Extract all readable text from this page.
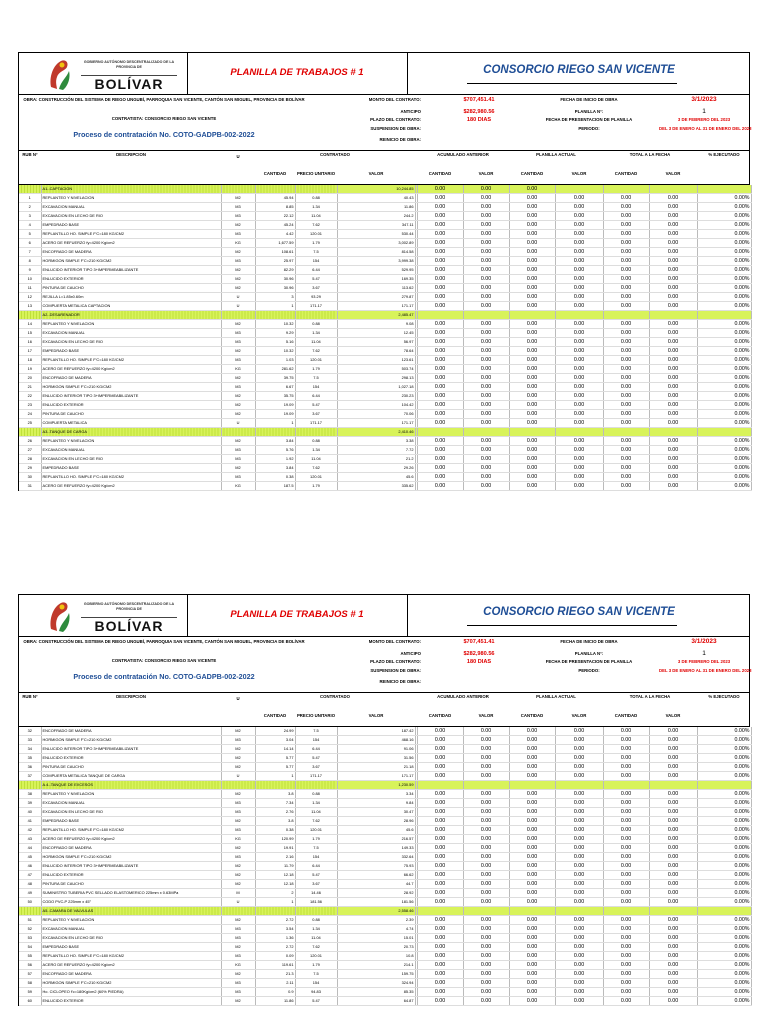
GOBIERNO AUTÓNOMO DESCENTRALIZADO DE LA PROVINCIA DE
BOLÍVAR
PLANILLA DE TRABAJOS # 1	CONSORCIO RIEGO SAN VICENTE
OBRA: CONSTRUCCIÓN DEL SISTEMA DE RIEGO UNGUBÍ, PARROQUIA SAN VICENTE, CANTÓN SAN MIGUEL, PROVINCIA DE BOLÍVAR
CONTRATISTA: CONSORCIO RIEGO SAN VICENTE
Proceso de contratación No. COTO-GADPB-002-2022
MONTO DEL CONTRATO:	$707,451.41
ANTICIPO	$282,980.56
PLAZO DEL CONTRATO:	180 DIAS
SUSPENSION DE OBRA:
REINICIO DE OBRA:
FECHA DE INICIO DE OBRA	3/1/2023
PLANILLA N°:	1
FECHA DE PRESENTACION DE PLANILLA	3 DE FEBRERO DEL 2023
PERIODO:	DEL 3 DE ENERO AL 31 DE ENERO DEL 2023
RUB N°	DESCRIPCION	U	CONTRATADO	ACUMULADO ANTERIOR	PLANILLA ACTUAL	TOTAL A LA FECHA	% EJECUTADO
CANTIDAD	PRECIO UNITARIO	VALOR	CANTIDAD	VALOR	CANTIDAD	VALOR	CANTIDAD	VALOR
	A1.-CAPTACION				10,244.85		0.00	0.00	0.00				
1	REPLANTEO Y NIVELACION	M2	45.94	0.88	40.43		0.00	0.00	0.00	0.00	0.00	0.00	0.00%
2	EXCAVACION MANUAL	M3	8.85	1.34	11.86		0.00	0.00	0.00	0.00	0.00	0.00	0.00%
3	EXCAVACION EN LECHO DE RIO	M3	22.12	11.04	244.2		0.00	0.00	0.00	0.00	0.00	0.00	0.00%
4	EMPEDRADO BASE	M2	45.24	7.62	347.11		0.00	0.00	0.00	0.00	0.00	0.00	0.00%
5	REPLANTILLO HO. SIMPLE F'C=180 KG/CM2	M3	4.42	120.01	530.44		0.00	0.00	0.00	0.00	0.00	0.00	0.00%
6	ACERO DE REFUERZO fy=4200 Kg/cm2	KG	1,677.59	1.79	3,002.89		0.00	0.00	0.00	0.00	0.00	0.00	0.00%
7	ENCOFRADO DE MADERA	M2	108.61	7.5	814.58		0.00	0.00	0.00	0.00	0.00	0.00	0.00%
8	HORMIGON SIMPLE F'C=210 KG/CM2	M3	25.97	154	3,999.38		0.00	0.00	0.00	0.00	0.00	0.00	0.00%
9	ENLUCIDO INTERIOR TIPO 3+IMPERMEABILIZANTE	M2	82.29	6.44	529.95		0.00	0.00	0.00	0.00	0.00	0.00	0.00%
10	ENLUCIDO EXTERIOR	M2	30.96	5.47	169.35		0.00	0.00	0.00	0.00	0.00	0.00	0.00%
11	PINTURA DE CAUCHO	M2	30.96	3.67	113.62		0.00	0.00	0.00	0.00	0.00	0.00	0.00%
12	REJILLA L=1.85x0.60m	U	3	93.29	279.87		0.00	0.00	0.00	0.00	0.00	0.00	0.00%
13	COMPUERTA METALICA CAPTACION	U	1	171.17	171.17		0.00	0.00	0.00	0.00	0.00	0.00	0.00%
	A2.-DESARENADOR				2,485.47								
14	REPLANTEO Y NIVELACION	M2	10.32	0.88	9.08		0.00	0.00	0.00	0.00	0.00	0.00	0.00%
15	EXCAVACION MANUAL	M3	9.29	1.34	12.45		0.00	0.00	0.00	0.00	0.00	0.00	0.00%
16	EXCAVACION EN LECHO DE RIO	M3	5.16	11.04	56.97		0.00	0.00	0.00	0.00	0.00	0.00	0.00%
17	EMPEDRADO BASE	M2	10.32	7.62	78.64		0.00	0.00	0.00	0.00	0.00	0.00	0.00%
18	REPLANTILLO HO. SIMPLE F'C=180 KG/CM2	M3	1.03	120.01	123.61		0.00	0.00	0.00	0.00	0.00	0.00	0.00%
19	ACERO DE REFUERZO fy=4200 Kg/cm2	KG	281.62	1.79	503.74		0.00	0.00	0.00	0.00	0.00	0.00	0.00%
20	ENCOFRADO DE MADERA	M2	39.75	7.5	298.13		0.00	0.00	0.00	0.00	0.00	0.00	0.00%
21	HORMIGON SIMPLE F'C=210 KG/CM2	M3	6.67	154	1,027.18		0.00	0.00	0.00	0.00	0.00	0.00	0.00%
22	ENLUCIDO INTERIOR TIPO 3+IMPERMEABILIZANTE	M2	35.75	6.44	230.23		0.00	0.00	0.00	0.00	0.00	0.00	0.00%
23	ENLUCIDO EXTERIOR	M2	19.09	5.47	104.42		0.00	0.00	0.00	0.00	0.00	0.00	0.00%
24	PINTURA DE CAUCHO	M2	19.09	3.67	70.06		0.00	0.00	0.00	0.00	0.00	0.00	0.00%
25	COMPUERTA METALICA	U	1	171.17	171.17		0.00	0.00	0.00	0.00	0.00	0.00	0.00%
	A3.-TANQUE DE CARGA				2,410.46								
26	REPLANTEO Y NIVELACION	M2	3.84	0.88	3.38		0.00	0.00	0.00	0.00	0.00	0.00	0.00%
27	EXCAVACION MANUAL	M3	5.76	1.34	7.72		0.00	0.00	0.00	0.00	0.00	0.00	0.00%
28	EXCAVACION EN LECHO DE RIO	M3	1.92	11.04	21.2		0.00	0.00	0.00	0.00	0.00	0.00	0.00%
29	EMPEDRADO BASE	M2	3.84	7.62	29.26		0.00	0.00	0.00	0.00	0.00	0.00	0.00%
30	REPLANTILLO HO. SIMPLE F'C=180 KG/CM2	M3	0.38	120.01	45.6		0.00	0.00	0.00	0.00	0.00	0.00	0.00%
31	ACERO DE REFUERZO fy=4200 Kg/cm2	KG	187.5	1.79	335.62		0.00	0.00	0.00	0.00	0.00	0.00	0.00%
GOBIERNO AUTÓNOMO DESCENTRALIZADO DE LA PROVINCIA DE
BOLÍVAR
PLANILLA DE TRABAJOS # 1	CONSORCIO RIEGO SAN VICENTE
OBRA: CONSTRUCCIÓN DEL SISTEMA DE RIEGO UNGUBÍ, PARROQUIA SAN VICENTE, CANTÓN SAN MIGUEL, PROVINCIA DE BOLÍVAR
CONTRATISTA: CONSORCIO RIEGO SAN VICENTE
Proceso de contratación No. COTO-GADPB-002-2022
MONTO DEL CONTRATO:	$707,451.41
ANTICIPO	$282,980.56
PLAZO DEL CONTRATO:	180 DIAS
SUSPENSION DE OBRA:
REINICIO DE OBRA:
FECHA DE INICIO DE OBRA	3/1/2023
PLANILLA N°:	1
FECHA DE PRESENTACION DE PLANILLA	3 DE FEBRERO DEL 2023
PERIODO:	DEL 3 DE ENERO AL 31 DE ENERO DEL 2023
RUB N°	DESCRIPCION	U	CONTRATADO	ACUMULADO ANTERIOR	PLANILLA ACTUAL	TOTAL A LA FECHA	% EJECUTADO
CANTIDAD	PRECIO UNITARIO	VALOR	CANTIDAD	VALOR	CANTIDAD	VALOR	CANTIDAD	VALOR
32	ENCOFRADO DE MADERA	M2	24.99	7.5	187.42		0.00	0.00	0.00	0.00	0.00	0.00	0.00%
33	HORMIGON SIMPLE F'C=210 KG/CM2	M3	3.04	154	468.16		0.00	0.00	0.00	0.00	0.00	0.00	0.00%
34	ENLUCIDO INTERIOR TIPO 3+IMPERMEABILIZANTE	M2	14.14	6.44	91.06		0.00	0.00	0.00	0.00	0.00	0.00	0.00%
35	ENLUCIDO EXTERIOR	M2	5.77	5.47	31.56		0.00	0.00	0.00	0.00	0.00	0.00	0.00%
36	PINTURA DE CAUCHO	M2	5.77	3.67	21.18		0.00	0.00	0.00	0.00	0.00	0.00	0.00%
37	COMPUERTA METALICA TANQUE DE CARGA	U	1	171.17	171.17		0.00	0.00	0.00	0.00	0.00	0.00	0.00%
	A.4.-TANQUE DE EXCESOS				1,230.59								
38	REPLANTEO Y NIVELACION	M2	3.8	0.88	3.34		0.00	0.00	0.00	0.00	0.00	0.00	0.00%
39	EXCAVACION MANUAL	M3	7.34	1.34	9.84		0.00	0.00	0.00	0.00	0.00	0.00	0.00%
40	EXCAVACION EN LECHO DE RIO	M3	2.76	11.04	30.47		0.00	0.00	0.00	0.00	0.00	0.00	0.00%
41	EMPEDRADO BASE	M2	3.8	7.62	28.96		0.00	0.00	0.00	0.00	0.00	0.00	0.00%
42	REPLANTILLO HO. SIMPLE F'C=180 KG/CM2	M3	0.38	120.01	45.6		0.00	0.00	0.00	0.00	0.00	0.00	0.00%
43	ACERO DE REFUERZO fy=4200 Kg/cm2	KG	120.99	1.79	216.57		0.00	0.00	0.00	0.00	0.00	0.00	0.00%
44	ENCOFRADO DE MADERA	M2	19.91	7.5	149.33		0.00	0.00	0.00	0.00	0.00	0.00	0.00%
45	HORMIGON SIMPLE F'C=210 KG/CM2	M3	2.16	154	332.64		0.00	0.00	0.00	0.00	0.00	0.00	0.00%
46	ENLUCIDO INTERIOR TIPO 3+IMPERMEABILIZANTE	M2	11.79	6.44	75.93		0.00	0.00	0.00	0.00	0.00	0.00	0.00%
47	ENLUCIDO EXTERIOR	M2	12.18	5.47	66.62		0.00	0.00	0.00	0.00	0.00	0.00	0.00%
48	PINTURA DE CAUCHO	M2	12.18	3.67	44.7		0.00	0.00	0.00	0.00	0.00	0.00	0.00%
49	SUMINISTRO TUBERIA PVC SELLADO ELASTOMERICO 225mm x 0.63MPa	M	2	14.46	28.92		0.00	0.00	0.00	0.00	0.00	0.00	0.00%
50	CODO PVC-P 225mm x 45°	U	1	181.56	181.56		0.00	0.00	0.00	0.00	0.00	0.00	0.00%
	A5.-CAMARA DE VALVULAS				2,558.46								
51	REPLANTEO Y NIVELACION	M2	2.72	0.88	2.39		0.00	0.00	0.00	0.00	0.00	0.00	0.00%
52	EXCAVACION MANUAL	M3	3.54	1.34	4.74		0.00	0.00	0.00	0.00	0.00	0.00	0.00%
53	EXCAVACION EN LECHO DE RIO	M3	1.36	11.04	15.01		0.00	0.00	0.00	0.00	0.00	0.00	0.00%
54	EMPEDRADO BASE	M2	2.72	7.62	20.73		0.00	0.00	0.00	0.00	0.00	0.00	0.00%
55	REPLANTILLO HO. SIMPLE F'C=180 KG/CM2	M3	0.09	120.01	10.8		0.00	0.00	0.00	0.00	0.00	0.00	0.00%
56	ACERO DE REFUERZO fy=4200 Kg/cm2	KG	119.61	1.79	214.1		0.00	0.00	0.00	0.00	0.00	0.00	0.00%
57	ENCOFRADO DE MADERA	M2	21.3	7.5	159.75		0.00	0.00	0.00	0.00	0.00	0.00	0.00%
58	HORMIGON SIMPLE F'C=210 KG/CM2	M3	2.11	154	324.94		0.00	0.00	0.00	0.00	0.00	0.00	0.00%
59	Ho. CICLOPEO f'c=180Kg/cm2 (60% PIEDRA)	M3	0.9	94.83	85.35		0.00	0.00	0.00	0.00	0.00	0.00	0.00%
60	ENLUCIDO EXTERIOR	M2	11.86	5.47	64.87		0.00	0.00	0.00	0.00	0.00	0.00	0.00%
